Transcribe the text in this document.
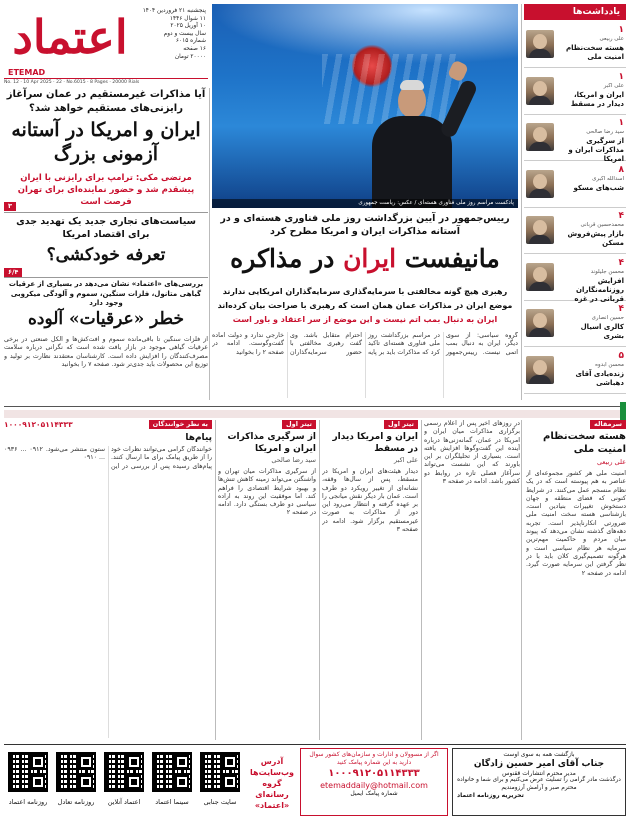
اعتماد
ETEMAD
پنجشنبه ۲۱ فروردین ۱۴۰۴
۱۱ شوال ۱۴۴۶
۱۰ آوریل ۲۰۲۵
سال بیست و دوم
شماره ۶۰۱۵
۱۶ صفحه
۲۰۰۰۰ تومان
No. 12 · 10 Apr 2025 · 22 · No.6015 · 8 Pages · 20000 Rials
آیا مذاکرات غیرمستقیم در عمان سرآغاز رایزنی‌های مستقیم خواهد شد؟
ایران و امریکا در آستانه آزمونی بزرگ
مرتضی مکی: ترامپ برای رایزنی با ایران پیشقدم شد و حضور نماینده‌ای برای تهران فرصت است
۳
سیاست‌های تجاری جدید یک تهدید جدی برای اقتصاد امریکا
تعرفه خودکشی؟
۶/۴
بررسی‌های «اعتماد» نشان می‌دهد در بسیاری از عرقیات گیاهی متانول، فلزات سنگین، سموم و آلودگی میکروبی وجود دارد
خطر «عرقیات» آلوده
از فلزات سنگین تا باقی‌مانده سموم و آفت‌کش‌ها و الکل صنعتی در برخی عرقیات گیاهی موجود در بازار یافت شده است که نگرانی درباره سلامت مصرف‌کنندگان را افزایش داده است. کارشناسان معتقدند نظارت بر تولید و توزیع این محصولات باید جدی‌تر شود. صفحه ۷ را بخوانید
پادکست مراسم روز ملی فناوری هسته‌ای / عکس: ریاست جمهوری
رییس‌جمهور در آیین بزرگداشت روز ملی فناوری هسته‌ای و در آستانه مذاکرات ایران و امریکا مطرح کرد
مانیفست ایران در مذاکره
رهبری هیچ گونه مخالفتی با سرمایه‌گذاری سرمایه‌گذاران امریکایی ندارند
موضع ایران در مذاکرات عمان همان است که رهبری با صراحت بیان کرده‌اند
ایران به دنبال بمب اتم نیست و این موضع از سر اعتقاد و باور است
گروه سیاسی: از سوی دیگر، ایران به دنبال بمب اتمی نیست. رییس‌جمهور در مراسم بزرگداشت روز ملی فناوری هسته‌ای تاکید کرد که مذاکرات باید بر پایه احترام متقابل باشد. وی گفت رهبری مخالفتی با حضور سرمایه‌گذاران خارجی ندارد و دولت آماده گفت‌وگوست. ادامه در صفحه ۲ را بخوانید
یادداشت‌ها
۱
علی ربیعی
هسته سخت‌نظام امنیت ملی
۱
علی اکبر
ایران و امریکا، دیدار در مسقط
۱
سید رضا صالحی
از سرگیری مذاکرات ایران و امریکا
۸
اسدالله اکبری
شب‌های مسکو
۴
محمدحسین قربانی
بازار پیش‌فروش مسکن
۴
محسن جلیلوند
افزایش روزنامه‌نگاران قربانی در غزه
۴
حسین انصاری
کالری اسیال بشری
۵
محسن آبدوه
زنده‌یادی آقای دهباشی
سرمقاله
هسته سخت‌نظام امنیت ملی
علی ربیعی
امنیت ملی هر کشور مجموعه‌ای از عناصر به هم پیوسته است که در یک نظام منسجم عمل می‌کنند. در شرایط کنونی که فضای منطقه و جهان دستخوش تغییرات بنیادین است، بازشناسی هسته سخت امنیت ملی ضرورتی انکارناپذیر است. تجربه دهه‌های گذشته نشان می‌دهد که پیوند میان مردم و حاکمیت مهم‌ترین سرمایه هر نظام سیاسی است و هرگونه تصمیم‌گیری کلان باید با در نظر گرفتن این سرمایه صورت گیرد. ادامه در صفحه ۲
در روزهای اخیر پس از اعلام رسمی برگزاری مذاکرات میان ایران و امریکا در عمان، گمانه‌زنی‌ها درباره آینده این گفت‌وگوها افزایش یافته است. بسیاری از تحلیلگران بر این باورند که این نشست می‌تواند سرآغاز فصلی تازه در روابط دو کشور باشد. ادامه در صفحه ۳
تیتر اول
ایران و امریکا دیدار در مسقط
علی اکبر
دیدار هیئت‌های ایران و امریکا در مسقط، پس از سال‌ها وقفه، نشانه‌ای از تغییر رویکرد دو طرف است. عمان بار دیگر نقش میانجی را بر عهده گرفته و انتظار می‌رود این دور از مذاکرات به صورت غیرمستقیم برگزار شود. ادامه در صفحه ۳
تیتر اول
از سرگیری مذاکرات ایران و امریکا
سید رضا صالحی
از سرگیری مذاکرات میان تهران و واشنگتن می‌تواند زمینه کاهش تنش‌ها و بهبود شرایط اقتصادی را فراهم کند. اما موفقیت این روند به اراده سیاسی دو طرف بستگی دارد. ادامه در صفحه ۲
به نظر خوانندگان
۱۰۰۰۹۱۲۰۵۱۱۴۳۳۳
پیام‌ها
خوانندگان گرامی می‌توانند نظرات خود را از طریق پیامک برای ما ارسال کنند. پیام‌های رسیده پس از بررسی در این ستون منتشر می‌شود. ۰۹۱۲ ... ۰۹۳۶ ... ۰۹۱۰
بازگشت همه به سوی اوست
جناب آقای امیر حسین زادگان
مدیر محترم انتشارات ققنوس
درگذشت مادر گرامی را تسلیت عرض می‌کنیم و برای شما و خانواده محترم صبر و آرامش آرزومندیم
تحریریه روزنامه اعتماد
اگر از مسوولان و ادارات و سازمان‌های کشور سوال دارید به این شماره پیامک کنید
۱۰۰۰۹۱۲۰۵۱۱۴۳۳۳
etemaddaily@hotmail.com
شماره پیامک ایمیل
آدرس وب‌سایت‌ها گروه رسانه‌ای «اعتماد»
سایت جنابی
سینما اعتماد
اعتماد آنلاین
روزنامه تعادل
روزنامه اعتماد
